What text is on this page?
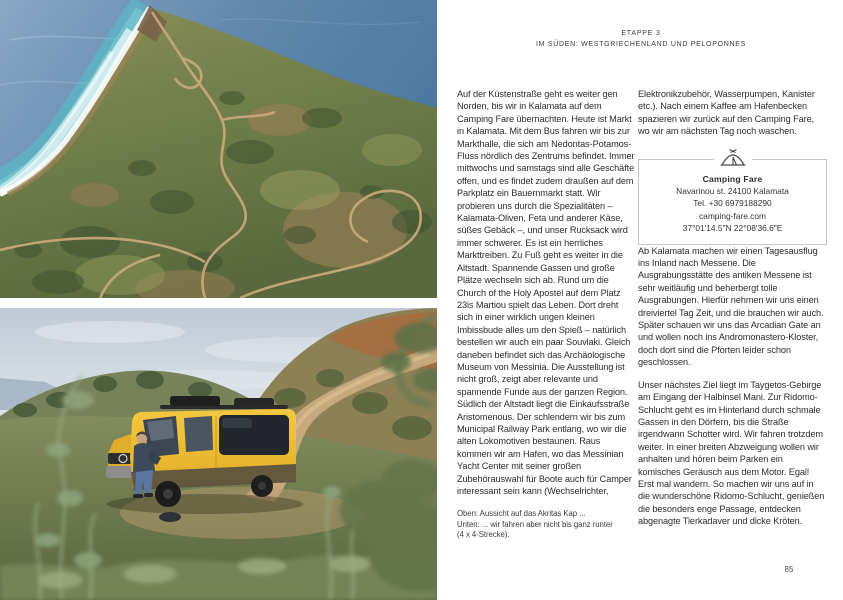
ETAPPE 3
IM SÜDEN: WESTGRIECHENLAND UND PELOPONNES

Auf der Küstenstraße geht es weiter gen Norden, bis wir in Kalamata auf dem Camping Fare übernachten. Heute ist Markt in Kalamata. Mit dem Bus fahren wir bis zur Markthalle, die sich am Nedontas-Potamos-Fluss nördlich des Zentrums befindet. Immer mittwochs und samstags sind alle Geschäfte offen, und es findet zudem draußen auf dem Parkplatz ein Bauernmarkt statt. Wir probieren uns durch die Spezialitäten – Kalamata-Oliven, Feta und anderer Käse, süßes Gebäck –, und unser Rucksack wird immer schwerer. Es ist ein herrliches Markttreiben. Zu Fuß geht es weiter in die Altstadt. Spannende Gassen und große Plätze wechseln sich ab. Rund um die Church of the Holy Apostel auf dem Platz 23is Martiou spielt das Leben. Dort dreht sich in einer wirklich urigen kleinen Imbissbude alles um den Spieß – natürlich bestellen wir auch ein paar Souvlaki. Gleich daneben befindet sich das Archäologische Museum von Messinia. Die Ausstellung ist nicht groß, zeigt aber relevante und spannende Funde aus der ganzen Region. Südlich der Altstadt liegt die Einkaufsstraße Aristomenous. Der schlendern wir bis zum Municipal Railway Park entlang, wo wir die alten Lokomotiven bestaunen. Raus kommen wir am Hafen, wo das Messinian Yacht Center mit seiner großen Zubehörauswahl für Boote auch für Camper interessant sein kann (Wechselrichter,

Elektronikzubehör, Wasserpumpen, Kanister etc.). Nach einem Kaffee am Hafenbecken spazieren wir zurück auf den Camping Fare, wo wir am nächsten Tag noch waschen.

Camping Fare
Navarinou st. 24100 Kalamata
Tel. +30 6979188290
camping-fare.com
37°01'14.5"N 22°08'36.6"E

Ab Kalamata machen wir einen Tagesausflug ins Inland nach Messene. Die Ausgrabungsstätte des antiken Messene ist sehr weitläufig und beherbergt tolle Ausgrabungen. Hierfür nehmen wir uns einen dreiviertel Tag Zeit, und die brauchen wir auch. Später schauen wir uns das Arcadian Gate an und wollen noch ins Andromonastero-Kloster, doch dort sind die Pforten leider schon geschlossen.

Unser nächstes Ziel liegt im Taygetos-Gebirge am Eingang der Halbinsel Mani. Zur Ridomo-Schlucht geht es im Hinterland durch schmale Gassen in den Dörfern, bis die Straße irgendwann Schotter wird. Wir fahren trotzdem weiter. In einer breiten Abzweigung wollen wir anhalten und hören beim Parken ein komisches Geräusch aus dem Motor. Egal! Erst mal wandern. So machen wir uns auf in die wunderschöne Ridomo-Schlucht, genießen die besonders enge Passage, entdecken abgenagte Tierkadaver und dicke Kröten.

Oben: Aussicht auf das Akritas Kap ...
Unten: ... wir fahren aber nicht bis ganz runter
(4 x 4-Strecke).
85
